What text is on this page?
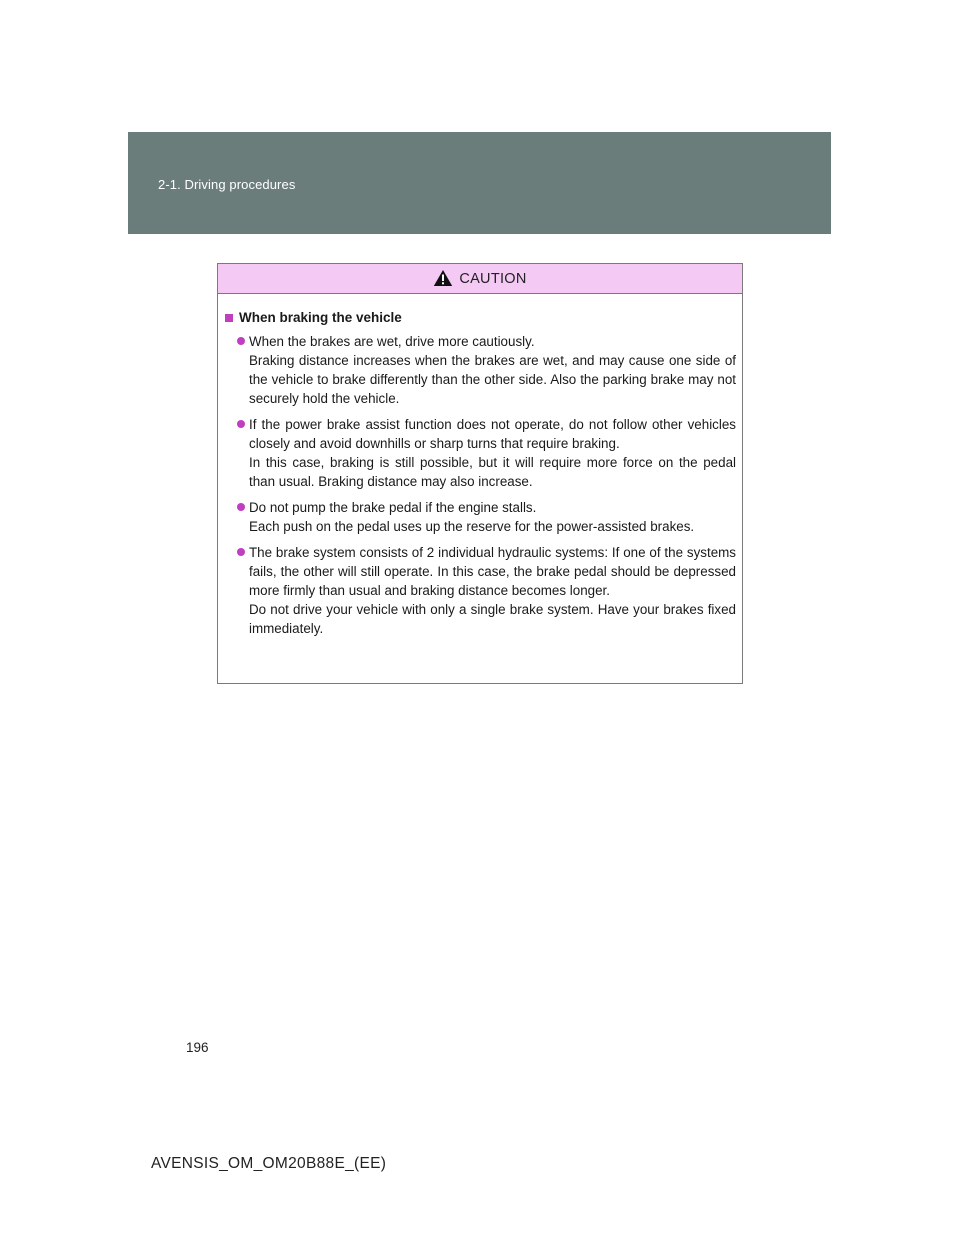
2-1. Driving procedures
CAUTION
When braking the vehicle

When the brakes are wet, drive more cautiously.

Braking distance increases when the brakes are wet, and may cause one side of the vehicle to brake differently than the other side. Also the parking brake may not securely hold the vehicle.

If the power brake assist function does not operate, do not follow other vehicles closely and avoid downhills or sharp turns that require braking.

In this case, braking is still possible, but it will require more force on the pedal than usual. Braking distance may also increase.

Do not pump the brake pedal if the engine stalls.

Each push on the pedal uses up the reserve for the power-assisted brakes.

The brake system consists of 2 individual hydraulic systems: If one of the systems fails, the other will still operate. In this case, the brake pedal should be depressed more firmly than usual and braking distance becomes longer.

Do not drive your vehicle with only a single brake system. Have your brakes fixed immediately.

196
AVENSIS_OM_OM20B88E_(EE)
